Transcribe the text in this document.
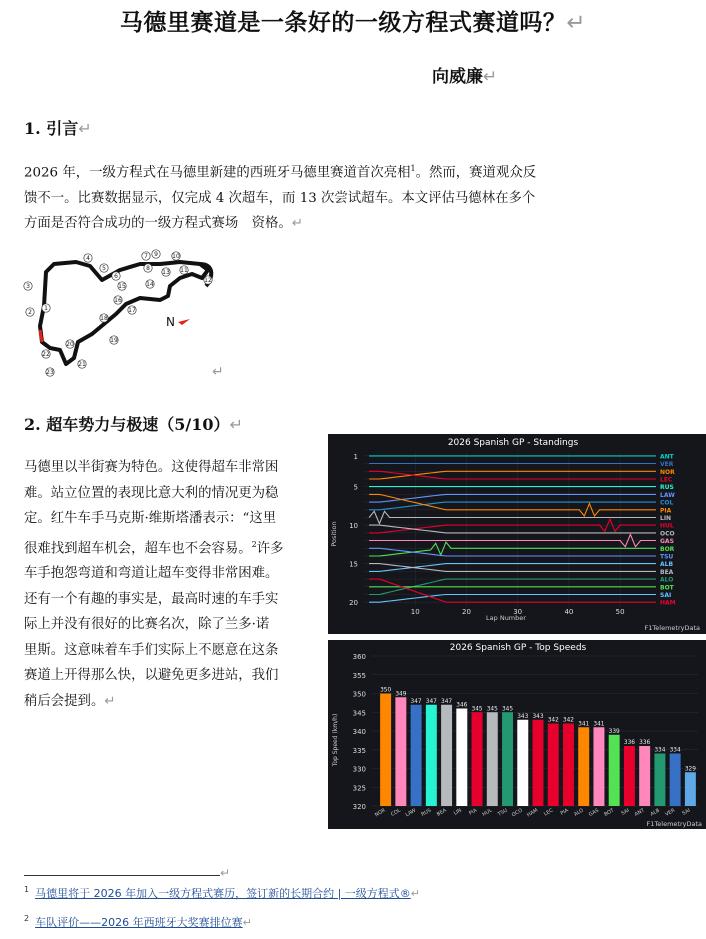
马德里赛道是一条好的一级方程式赛道吗？↵
向威廉↵
1. 引言↵
2026 年，一级方程式在马德里新建的西班牙马德里赛道首次亮相$^1$。然而，赛道观众反
馈不一。比赛数据显示，仅完成 4 次超车，而 13 次尝试超车。本文评估马德林在多个
方面是否符合成功的一级方程式赛场　资格。↵
1
2
3
4
5
6
7
8
9 10
11
12
13
14
15
16
17
18
19
20
21
22
23
N
↵
2. 超车势力与极速（5/10）↵
马德里以半街赛为特色。这使得超车非常困
难。站立位置的表现比意大利的情况更为稳
定。红牛车手马克斯·维斯塔潘表示：“这里
很难找到超车机会，超车也不会容易。$^2$许多
车手抱怨弯道和弯道让超车变得非常困难。
还有一个有趣的事实是，最高时速的车手实
际上并没有很好的比赛名次，除了兰多·诺
里斯。这意味着车手们实际上不愿意在这条
赛道上开得那么快，以避免更多进站，我们
稍后会提到。↵
2026 Spanish GP - Standings
1
5
10
15
20
10	20	30	40	50
ANT
VER
NOR
LEC
RUS
LAW
COL
PIA
LIN
HUL
OCO
GAS
BOR
TSU
ALB
BEA
ALO
BOT
SAI
HAM
Lap Number
Position
F1TelemetryData
2026 Spanish GP - Top Speeds
350
349
347 347 347
346
345 345 345
343 343
342 342
341 341
339
336 336
334 334
329
320
325
330
335
340
345
350
355
360
NOR COL LAW RUS BEA LIN PIA HUL TSU OCO HAM LEC PIA ALO GAS BOT SAI ANT ALB VER SAI
Top Speed (km/h)
F1TelemetryData
↵
$^1$ 马德里将于 2026 年加入一级方程式赛历，签订新的长期合约 | 一级方程式®↵
$^2$ 车队评价——2026 年西班牙大奖赛排位赛↵
